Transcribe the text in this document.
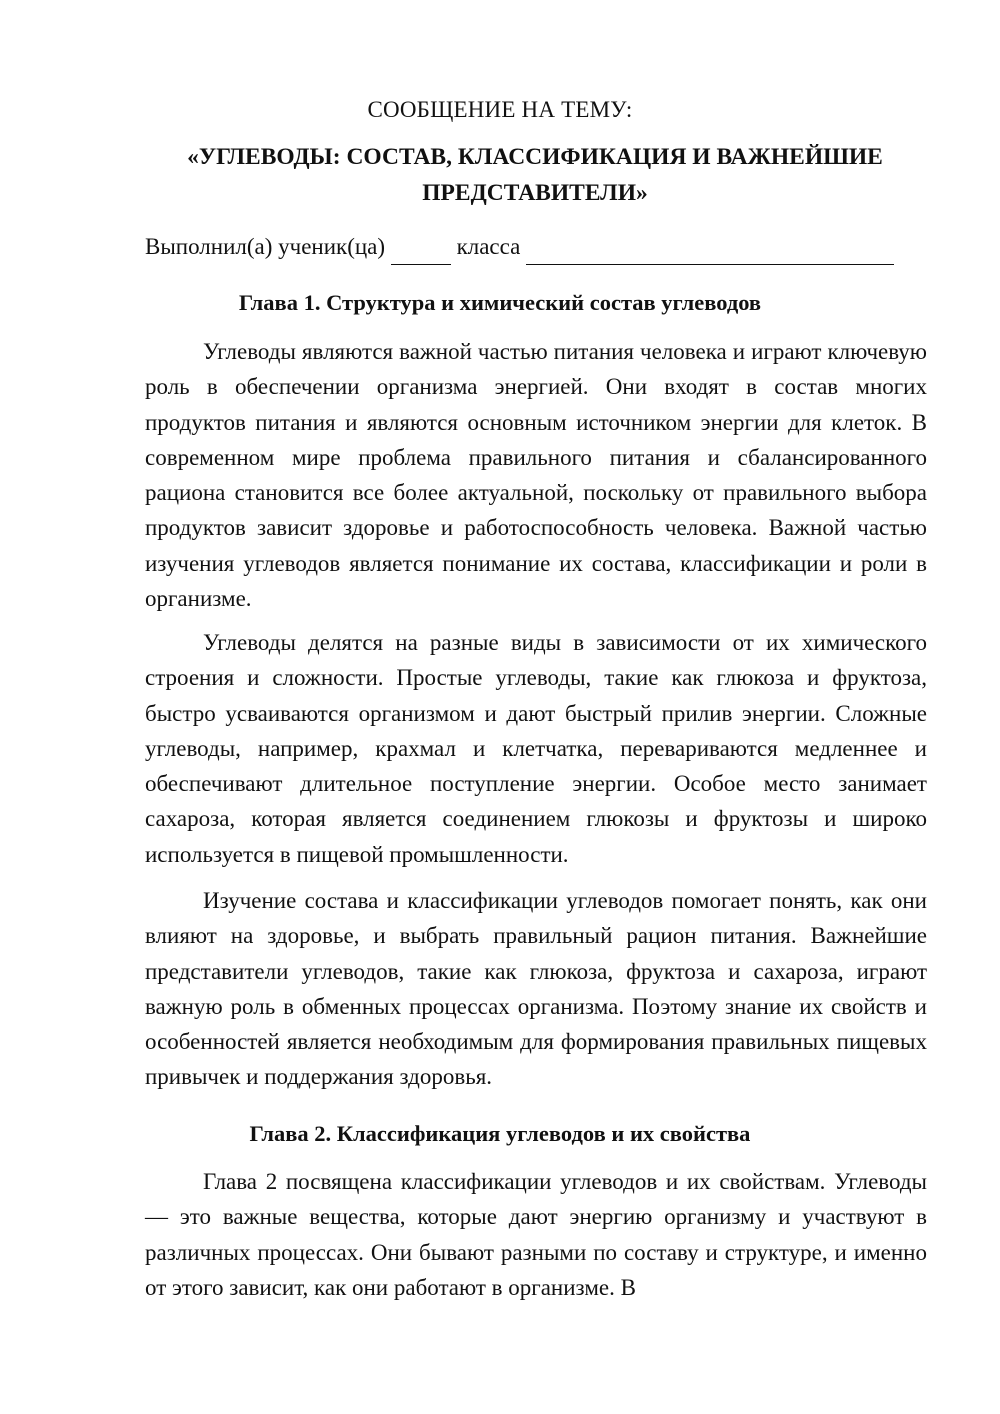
СООБЩЕНИЕ НА ТЕМУ:
«УГЛЕВОДЫ: СОСТАВ, КЛАССИФИКАЦИЯ И ВАЖНЕЙШИЕ ПРЕДСТАВИТЕЛИ»
Выполнил(а) ученик(ца)	класса
Глава 1. Структура и химический состав углеводов

Углеводы являются важной частью питания человека и играют ключевую роль в обеспечении организма энергией. Они входят в состав многих продуктов питания и являются основным источником энергии для клеток. В современном мире проблема правильного питания и сбалансированного рациона становится все более актуальной, поскольку от правильного выбора продуктов зависит здоровье и работоспособность человека. Важной частью изучения углеводов является понимание их состава, классификации и роли в организме.

Углеводы делятся на разные виды в зависимости от их химического строения и сложности. Простые углеводы, такие как глюкоза и фруктоза, быстро усваиваются организмом и дают быстрый прилив энергии. Сложные углеводы, например, крахмал и клетчатка, перевариваются медленнее и обеспечивают длительное поступление энергии. Особое место занимает сахароза, которая является соединением глюкозы и фруктозы и широко используется в пищевой промышленности.

Изучение состава и классификации углеводов помогает понять, как они влияют на здоровье, и выбрать правильный рацион питания. Важнейшие представители углеводов, такие как глюкоза, фруктоза и сахароза, играют важную роль в обменных процессах организма. Поэтому знание их свойств и особенностей является необходимым для формирования правильных пищевых привычек и поддержания здоровья.

Глава 2. Классификация углеводов и их свойства

Глава 2 посвящена классификации углеводов и их свойствам. Углеводы — это важные вещества, которые дают энергию организму и участвуют в различных процессах. Они бывают разными по составу и структуре, и именно от этого зависит, как они работают в организме. В
